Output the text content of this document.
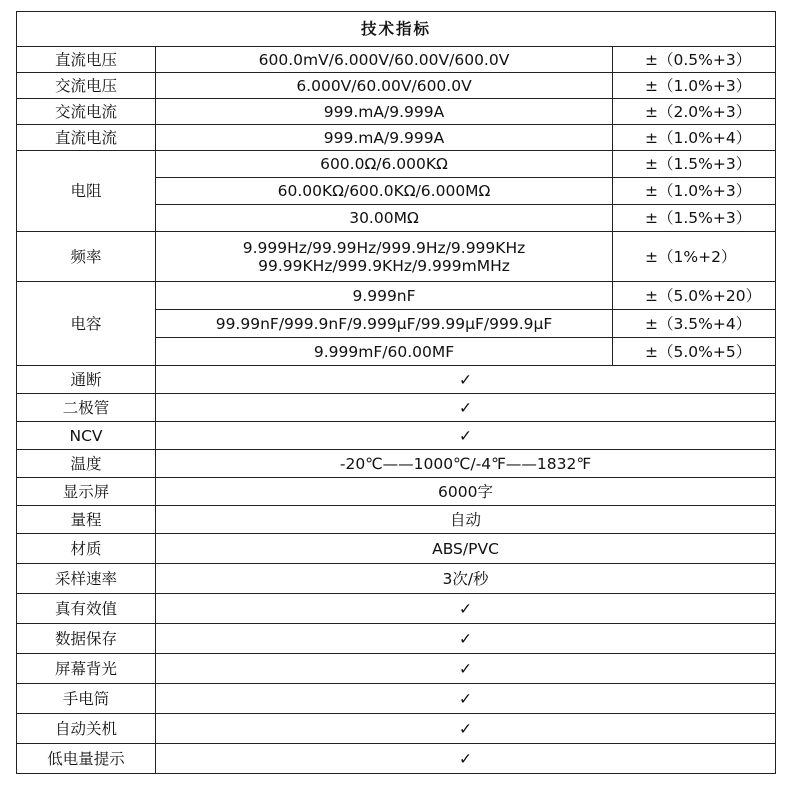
技术指标		
直流电压	600.0mV/6.000V/60.00V/600.0V	±（0.5%+3）
交流电压	6.000V/60.00V/600.0V	±（1.0%+3）
交流电流	999.mA/9.999A	±（2.0%+3）
直流电流	999.mA/9.999A	±（1.0%+4）
电阻	600.0Ω/6.000KΩ	±（1.5%+3）
	60.00KΩ/600.0KΩ/6.000MΩ	±（1.0%+3）
	30.00MΩ	±（1.5%+3）
频率	9.999Hz/99.99Hz/999.9Hz/9.999KHz
99.99KHz/999.9KHz/9.999mMHz	±（1%+2）
电容	9.999nF	±（5.0%+20）
	99.99nF/999.9nF/9.999μF/99.99μF/999.9μF	±（3.5%+4）
	9.999mF/60.00MF	±（5.0%+5）
通断	✓	
二极管	✓	
NCV	✓	
温度	-20℃——1000℃/-4℉——1832℉	
显示屏	6000字	
量程	自动	
材质	ABS/PVC	
采样速率	3次/秒	
真有效值	✓	
数据保存	✓	
屏幕背光	✓	
手电筒	✓	
自动关机	✓	
低电量提示	✓	
